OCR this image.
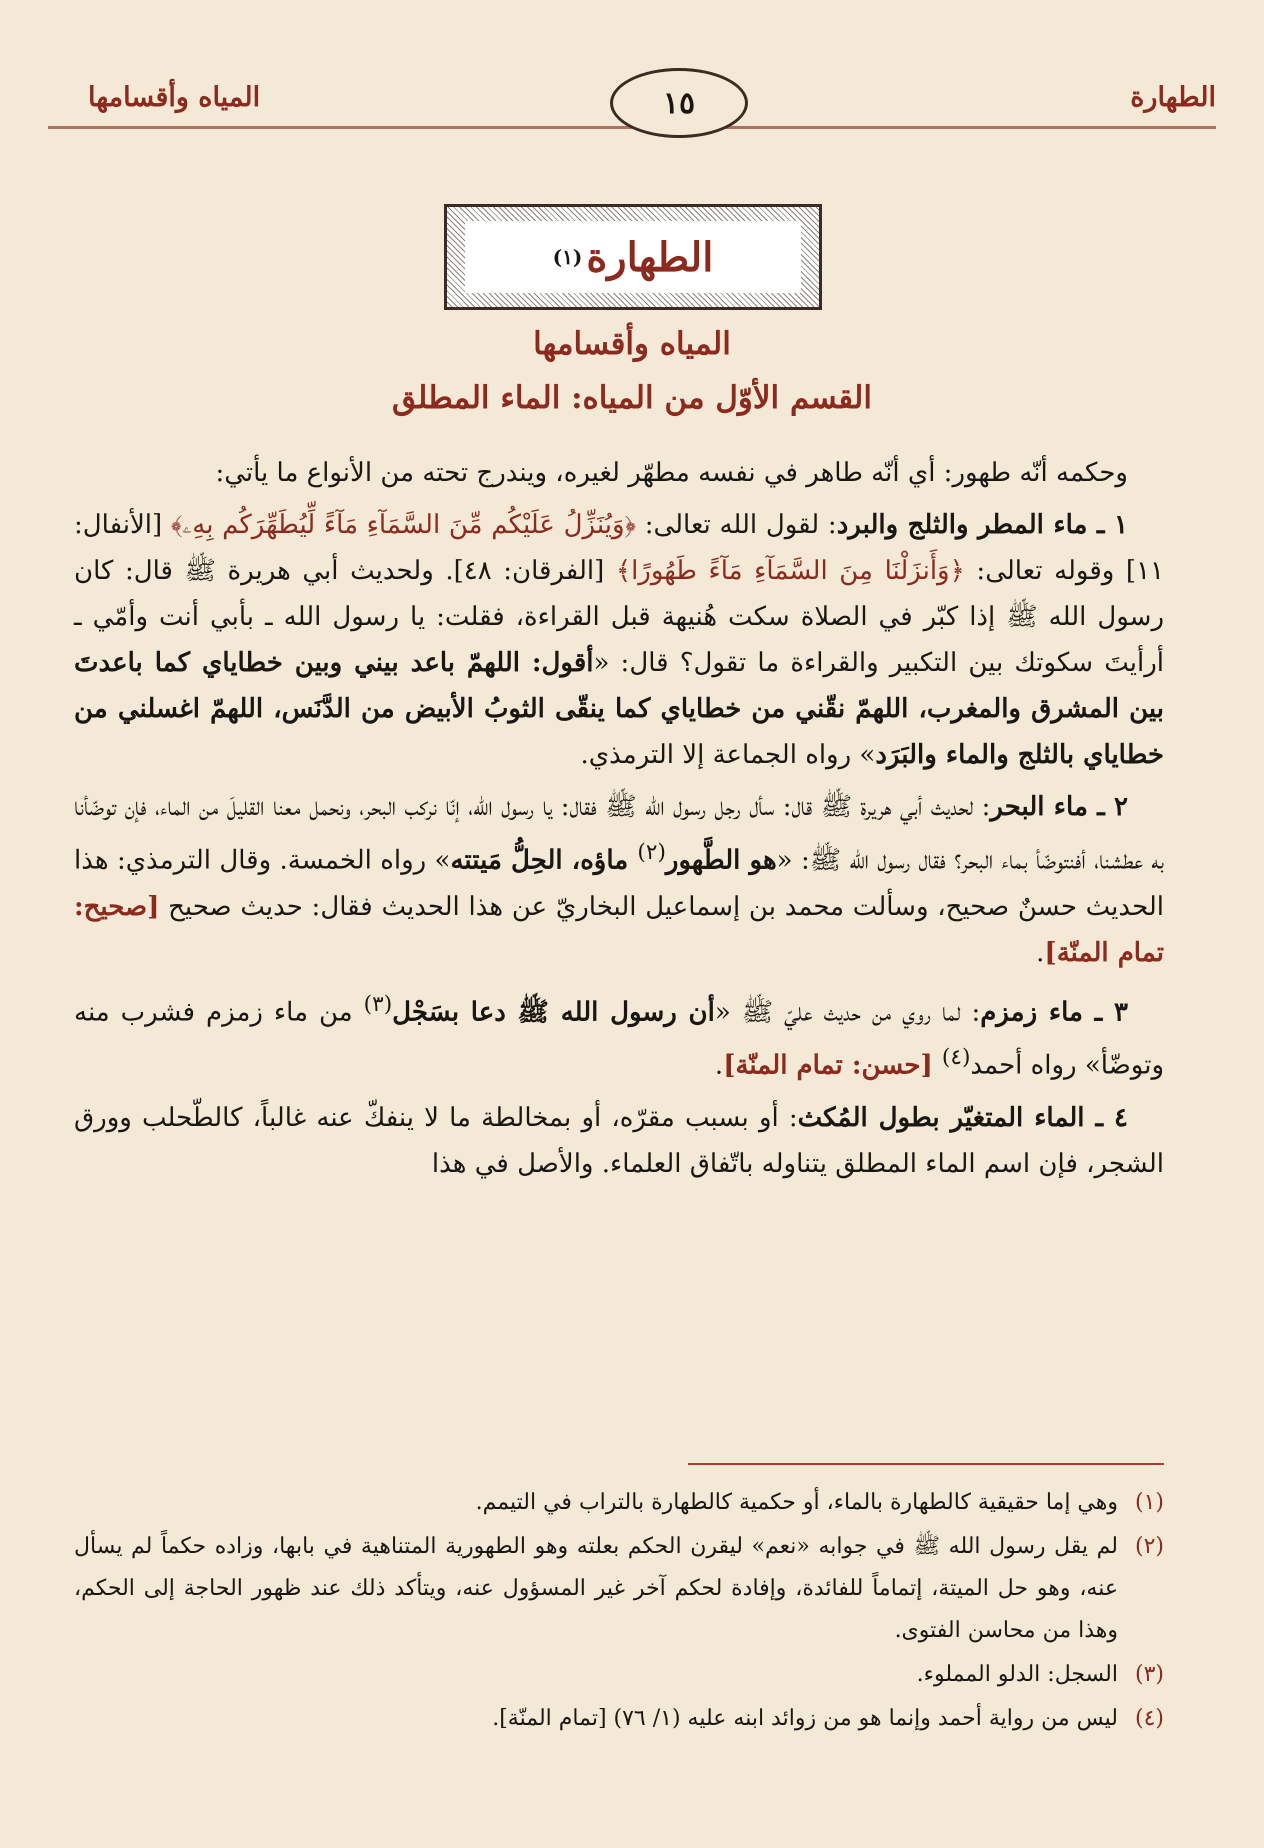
الطهارة
١٥
المياه وأقسامها
الطهارة
(١)
المياه وأقسامها
القسم الأوّل من المياه: الماء المطلق

وحكمه أنّه طهور: أي أنّه طاهر في نفسه مطهّر لغيره، ويندرج تحته من الأنواع ما يأتي:

١ ـ ماء المطر والثلج والبرد: لقول الله تعالى: ﴿وَيُنَزِّلُ عَلَيْكُم مِّنَ السَّمَآءِ مَآءً لِّيُطَهِّرَكُم بِهِۦ﴾ [الأنفال: ١١] وقوله تعالى: ﴿وَأَنزَلْنَا مِنَ السَّمَآءِ مَآءً طَهُورًا﴾ [الفرقان: ٤٨]. ولحديث أبي هريرة ﷺ قال: كان رسول الله ﷺ إذا كبّر في الصلاة سكت هُنيهة قبل القراءة، فقلت: يا رسول الله ـ بأبي أنت وأمّي ـ أرأيتَ سكوتك بين التكبير والقراءة ما تقول؟ قال: «أقول: اللهمّ باعد بيني وبين خطاياي كما باعدتَ بين المشرق والمغرب، اللهمّ نقّني من خطاياي كما ينقّى الثوبُ الأبيض من الدَّنَس، اللهمّ اغسلني من خطاياي بالثلج والماء والبَرَد» رواه الجماعة إلا الترمذي.

٢ ـ ماء البحر: لحديث أبي هريرة ﷺ قال: سأل رجل رسول الله ﷺ فقال: يا رسول الله، إنّا نركب البحر، ونحمل معنا القليلَ من الماء، فإن توضّأنا به عطشنا، أفنتوضّأ بماء البحر؟ فقال رسول الله ﷺ: «هو الطَّهور$^{(٢)}$ ماؤه، الحِلُّ مَيتته» رواه الخمسة. وقال الترمذي: هذا الحديث حسنٌ صحيح، وسألت محمد بن إسماعيل البخاريّ عن هذا الحديث فقال: حديث صحيح [صحيح: تمام المنّة].

٣ ـ ماء زمزم: لما روي من حديث عليّ ﷺ «أن رسول الله ﷺ دعا بسَجْل$^{(٣)}$ من ماء زمزم فشرب منه وتوضّأ» رواه أحمد$^{(٤)}$ [حسن: تمام المنّة].

٤ ـ الماء المتغيّر بطول المُكث: أو بسبب مقرّه، أو بمخالطة ما لا ينفكّ عنه غالباً، كالطّحلب وورق الشجر، فإن اسم الماء المطلق يتناوله باتّفاق العلماء. والأصل في هذا

(١)
وهي إما حقيقية كالطهارة بالماء، أو حكمية كالطهارة بالتراب في التيمم.
(٢)
لم يقل رسول الله ﷺ في جوابه «نعم» ليقرن الحكم بعلته وهو الطهورية المتناهية في بابها، وزاده حكماً لم يسأل عنه، وهو حل الميتة، إتماماً للفائدة، وإفادة لحكم آخر غير المسؤول عنه، ويتأكد ذلك عند ظهور الحاجة إلى الحكم، وهذا من محاسن الفتوى.
(٣)
السجل: الدلو المملوء.
(٤)
ليس من رواية أحمد وإنما هو من زوائد ابنه عليه (١/ ٧٦) [تمام المنّة].
